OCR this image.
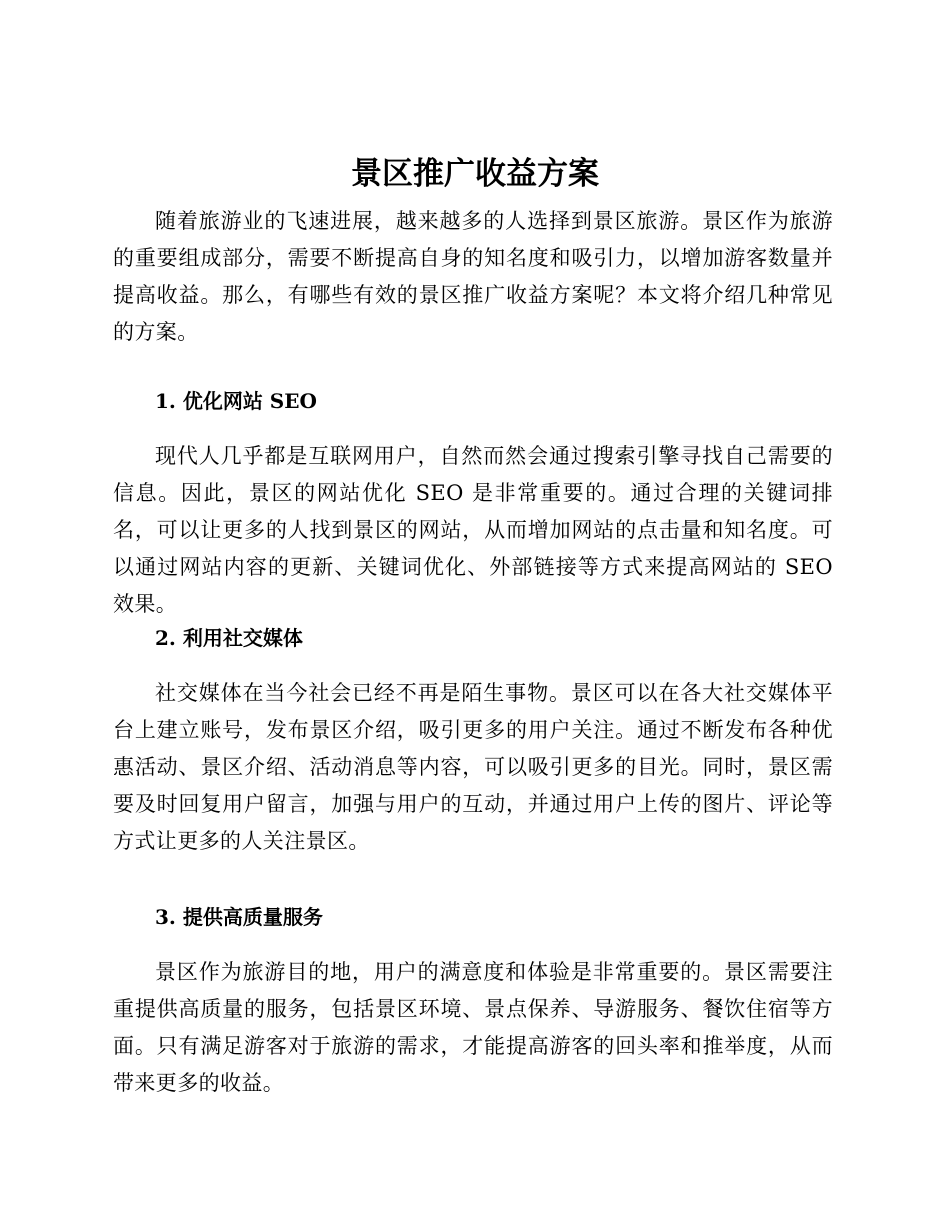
景区推广收益方案

随着旅游业的飞速进展，越来越多的人选择到景区旅游。景区作为旅游的重要组成部分，需要不断提高自身的知名度和吸引力，以增加游客数量并提高收益。那么，有哪些有效的景区推广收益方案呢？本文将介绍几种常见的方案。

1. 优化网站 SEO

现代人几乎都是互联网用户，自然而然会通过搜索引擎寻找自己需要的信息。因此，景区的网站优化 SEO 是非常重要的。通过合理的关键词排名，可以让更多的人找到景区的网站，从而增加网站的点击量和知名度。可以通过网站内容的更新、关键词优化、外部链接等方式来提高网站的 SEO 效果。

2. 利用社交媒体

社交媒体在当今社会已经不再是陌生事物。景区可以在各大社交媒体平台上建立账号，发布景区介绍，吸引更多的用户关注。通过不断发布各种优惠活动、景区介绍、活动消息等内容，可以吸引更多的目光。同时，景区需要及时回复用户留言，加强与用户的互动，并通过用户上传的图片、评论等方式让更多的人关注景区。

3. 提供高质量服务

景区作为旅游目的地，用户的满意度和体验是非常重要的。景区需要注重提供高质量的服务，包括景区环境、景点保养、导游服务、餐饮住宿等方面。只有满足游客对于旅游的需求，才能提高游客的回头率和推举度，从而带来更多的收益。
